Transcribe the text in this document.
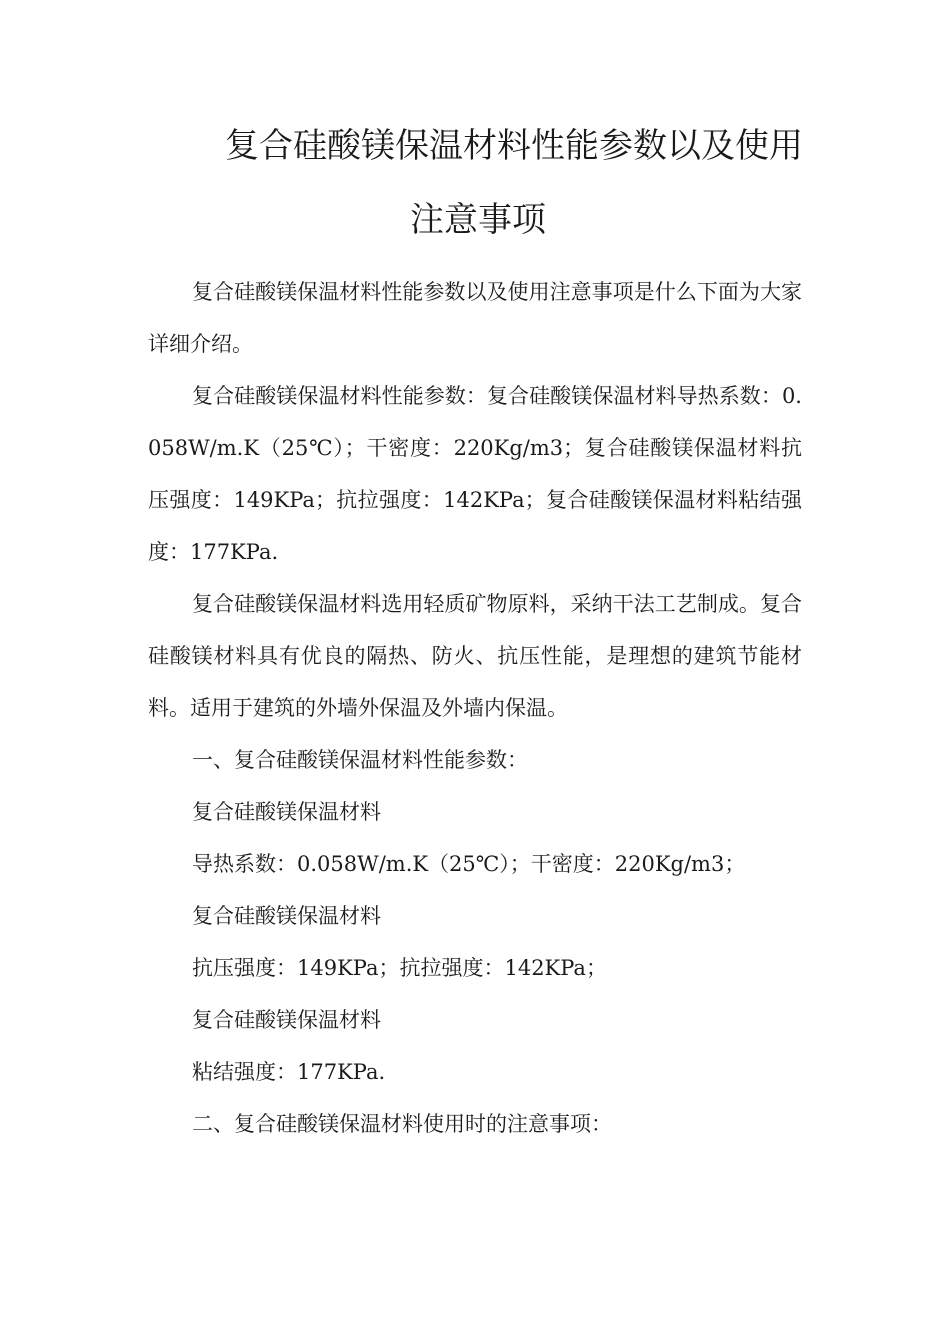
复合硅酸镁保温材料性能参数以及使用
注意事项

复合硅酸镁保温材料性能参数以及使用注意事项是什么下面为大家详细介绍。

复合硅酸镁保温材料性能参数：复合硅酸镁保温材料导热系数：0.058W/m.K（25℃）；干密度：220Kg/m3；复合硅酸镁保温材料抗压强度：149KPa；抗拉强度：142KPa；复合硅酸镁保温材料粘结强度：177KPa.

复合硅酸镁保温材料选用轻质矿物原料，采纳干法工艺制成。复合硅酸镁材料具有优良的隔热、防火、抗压性能，是理想的建筑节能材料。适用于建筑的外墙外保温及外墙内保温。

一、复合硅酸镁保温材料性能参数：

复合硅酸镁保温材料

导热系数：0.058W/m.K（25℃）；干密度：220Kg/m3；

复合硅酸镁保温材料

抗压强度：149KPa；抗拉强度：142KPa；

复合硅酸镁保温材料

粘结强度：177KPa.

二、复合硅酸镁保温材料使用时的注意事项：
